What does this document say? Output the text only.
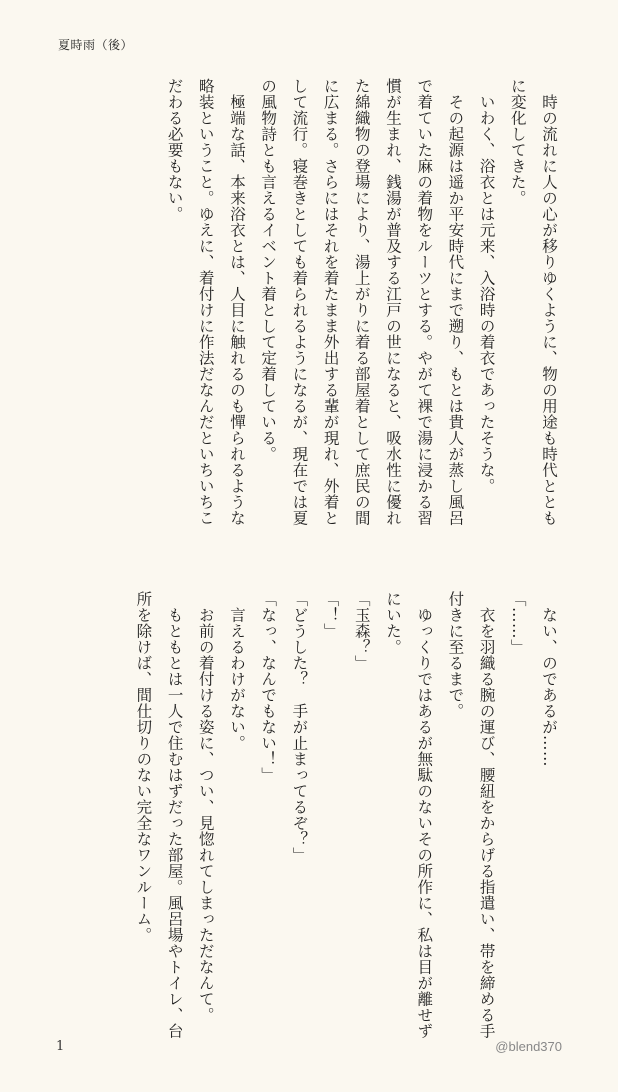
夏時雨（後）

時の流れに人の心が移りゆくように、物の用途も時代とともに変化してきた。

いわく、浴衣とは元来、入浴時の着衣であったそうな。

その起源は遥か平安時代にまで遡り、もとは貴人が蒸し風呂で着ていた麻の着物をルーツとする。やがて裸で湯に浸かる習慣が生まれ、銭湯が普及する江戸の世になると、吸水性に優れた綿織物の登場により、湯上がりに着る部屋着として庶民の間に広まる。さらにはそれを着たまま外出する輩が現れ、外着として流行。寝巻きとしても着られるようになるが、現在では夏の風物詩とも言えるイベント着として定着している。

極端な話、本来浴衣とは、人目に触れるのも憚られるような略装ということ。ゆえに、着付けに作法だなんだといちいちこだわる必要もない。

ない、のであるが……

「……」

衣を羽織る腕の運び、腰紐をからげる指遣い、帯を締める手付きに至るまで。

ゆっくりではあるが無駄のないその所作に、私は目が離せずにいた。

「玉森？」

「！」

「どうした？　手が止まってるぞ？」

「なっ、なんでもない！」

言えるわけがない。

お前の着付ける姿に、つい、見惚れてしまっただなんて。

もともとは一人で住むはずだった部屋。風呂場やトイレ、台所を除けば、間仕切りのない完全なワンルーム。

1	@blend370
